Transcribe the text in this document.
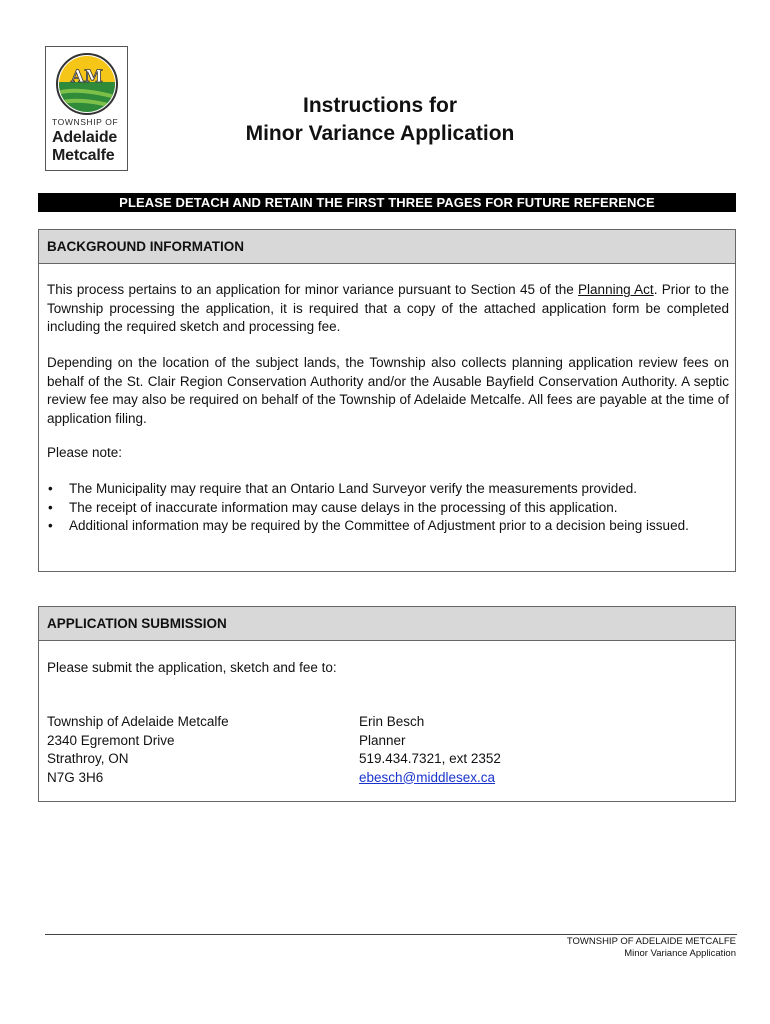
AM
TOWNSHIP OF
Adelaide
Metcalfe
Instructions for
Minor Variance Application
PLEASE DETACH AND RETAIN THE FIRST THREE PAGES FOR FUTURE REFERENCE
BACKGROUND INFORMATION
This process pertains to an application for minor variance pursuant to Section 45 of the Planning Act. Prior to the Township processing the application, it is required that a copy of the attached application form be completed including the required sketch and processing fee.
Depending on the location of the subject lands, the Township also collects planning application review fees on behalf of the St. Clair Region Conservation Authority and/or the Ausable Bayfield Conservation Authority. A septic review fee may also be required on behalf of the Township of Adelaide Metcalfe. All fees are payable at the time of application filing.
Please note:
• The Municipality may require that an Ontario Land Surveyor verify the measurements provided.
• The receipt of inaccurate information may cause delays in the processing of this application.
• Additional information may be required by the Committee of Adjustment prior to a decision being issued.
APPLICATION SUBMISSION
Please submit the application, sketch and fee to:
Township of Adelaide Metcalfe
2340 Egremont Drive
Strathroy, ON
N7G 3H6
Erin Besch
Planner
519.434.7321, ext 2352
ebesch@middlesex.ca
TOWNSHIP OF ADELAIDE METCALFE
Minor Variance Application
